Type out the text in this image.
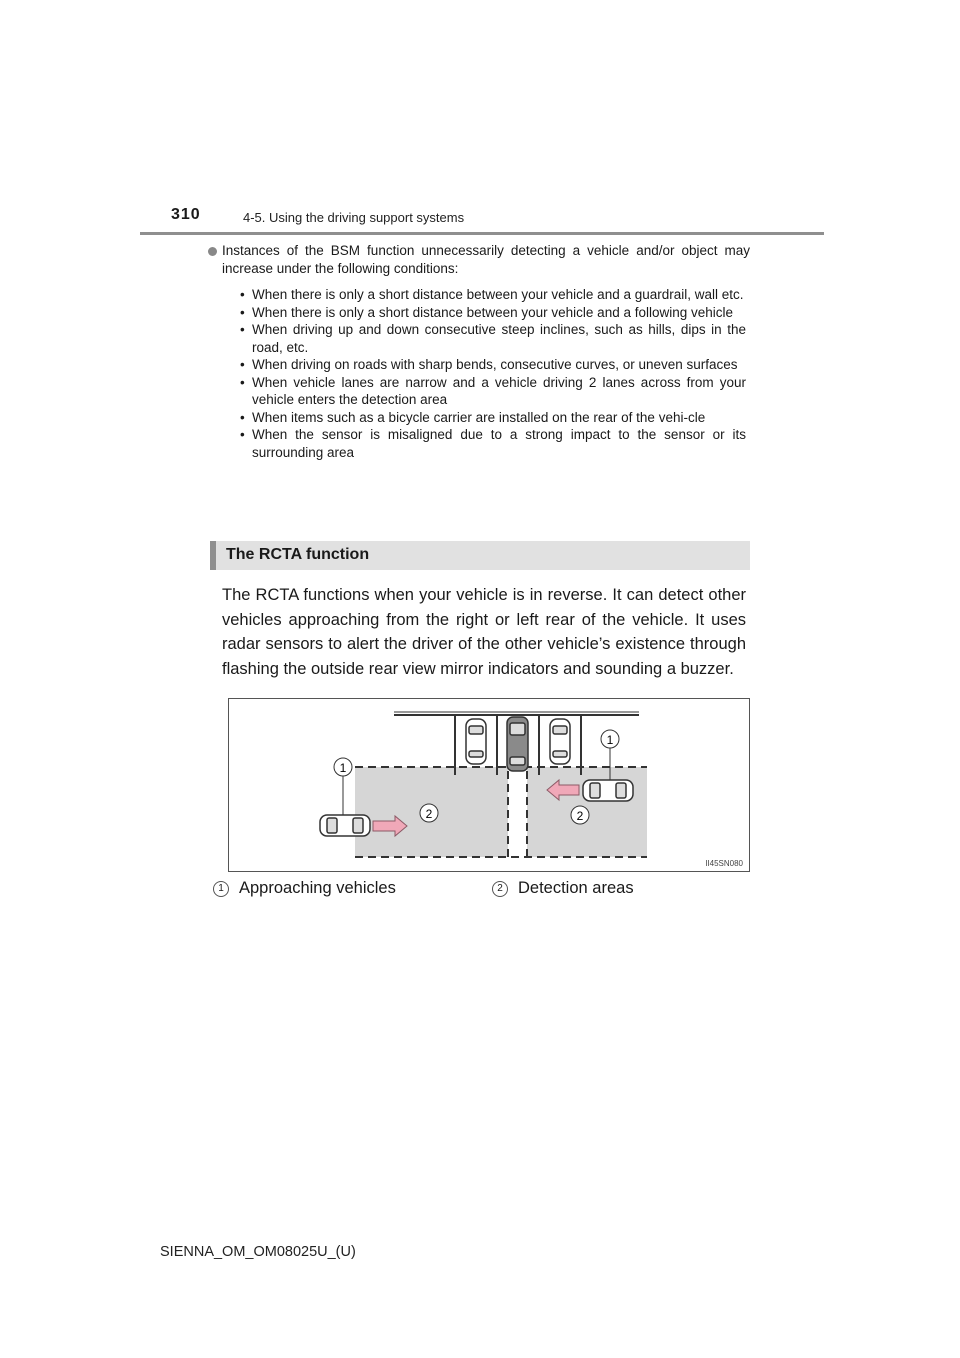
310	4-5. Using the driving support systems
Instances of the BSM function unnecessarily detecting a vehicle and/or object may increase under the following conditions:
• When there is only a short distance between your vehicle and a guardrail, wall etc.
• When there is only a short distance between your vehicle and a following vehicle
• When driving up and down consecutive steep inclines, such as hills, dips in the road, etc.
• When driving on roads with sharp bends, consecutive curves, or uneven surfaces
• When vehicle lanes are narrow and a vehicle driving 2 lanes across from your vehicle enters the detection area
• When items such as a bicycle carrier are installed on the rear of the vehi-cle
• When the sensor is misaligned due to a strong impact to the sensor or its surrounding area
The RCTA function
The RCTA functions when your vehicle is in reverse. It can detect other vehicles approaching from the right or left rear of the vehicle. It uses radar sensors to alert the driver of the other vehicle’s existence through flashing the outside rear view mirror indicators and sounding a buzzer.
1
1
2	2
II45SN080
1 Approaching vehicles	2 Detection areas
SIENNA_OM_OM08025U_(U)
